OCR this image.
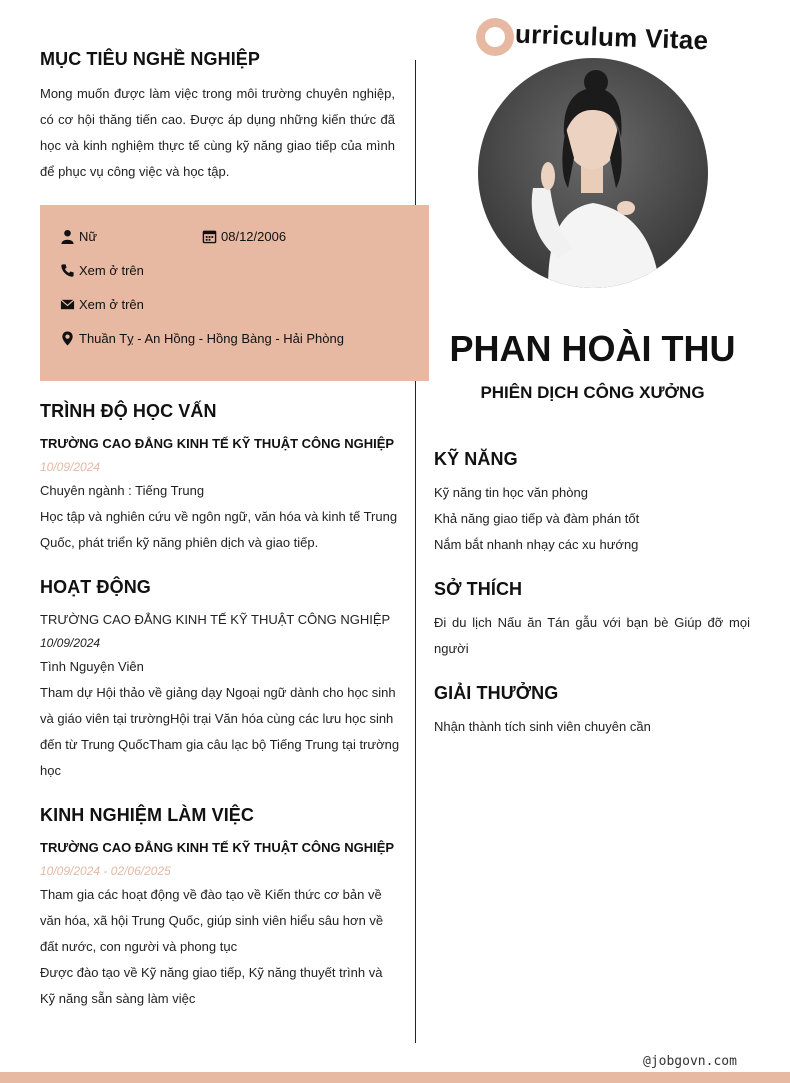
urriculum Vitae
MỤC TIÊU NGHỀ NGHIỆP

Mong muốn được làm việc trong môi trường chuyên nghiệp, có cơ hội thăng tiến cao. Được áp dụng những kiến thức đã học và kinh nghiệm thực tế cùng kỹ năng giao tiếp của mình để phục vụ công việc và học tập.

Nữ	08/12/2006
Xem ở trên
Xem ở trên
Thuần Tỵ - An Hồng - Hồng Bàng - Hải Phòng
TRÌNH ĐỘ HỌC VẤN
TRƯỜNG CAO ĐẲNG KINH TẾ KỸ THUẬT CÔNG NGHIỆP
10/09/2024

Chuyên ngành : Tiếng Trung

Học tập và nghiên cứu về ngôn ngữ, văn hóa và kinh tế Trung Quốc, phát triển kỹ năng phiên dịch và giao tiếp.

HOẠT ĐỘNG
TRƯỜNG CAO ĐẲNG KINH TẾ KỸ THUẬT CÔNG NGHIỆP
10/09/2024

Tình Nguyện Viên

Tham dự Hội thảo về giảng dạy Ngoại ngữ dành cho học sinh và giáo viên tại trườngHội trại Văn hóa cùng các lưu học sinh đến từ Trung QuốcTham gia câu lạc bộ Tiếng Trung tại trường học

KINH NGHIỆM LÀM VIỆC
TRƯỜNG CAO ĐẲNG KINH TẾ KỸ THUẬT CÔNG NGHIỆP
10/09/2024 - 02/06/2025

Tham gia các hoạt động về đào tạo về Kiến thức cơ bản về văn hóa, xã hội Trung Quốc, giúp sinh viên hiểu sâu hơn về đất nước, con người và phong tục

Được đào tạo về Kỹ năng giao tiếp, Kỹ năng thuyết trình và Kỹ năng sẵn sàng làm việc

PHAN HOÀI THU
PHIÊN DỊCH CÔNG XƯỞNG
KỸ NĂNG

Kỹ năng tin học văn phòng

Khả năng giao tiếp và đàm phán tốt

Nắm bắt nhanh nhạy các xu hướng

SỞ THÍCH

Đi du lịch Nấu ăn Tán gẫu với bạn bè Giúp đỡ mọi người

GIẢI THƯỞNG

Nhận thành tích sinh viên chuyên cần

@jobgovn.com
